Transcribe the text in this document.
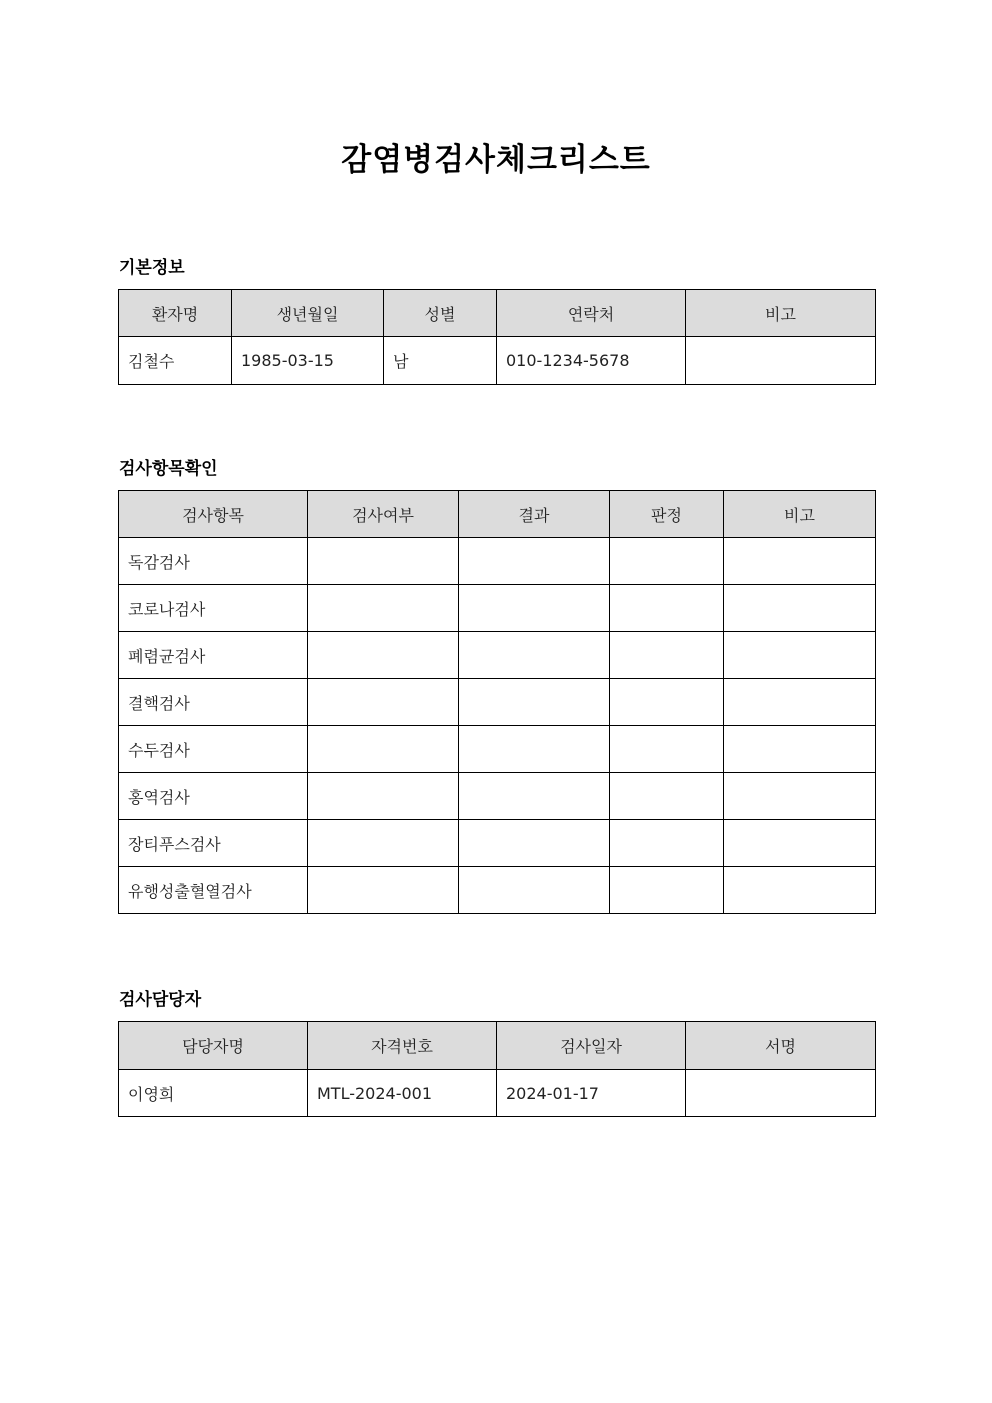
감염병검사체크리스트
기본정보
환자명	생년월일	성별	연락처	비고
김철수	1985-03-15	남	010-1234-5678	
검사항목확인
검사항목	검사여부	결과	판정	비고
독감검사				
코로나검사				
폐렴균검사				
결핵검사				
수두검사				
홍역검사				
장티푸스검사				
유행성출혈열검사				
검사담당자
담당자명	자격번호	검사일자	서명
이영희	MTL-2024-001	2024-01-17	
